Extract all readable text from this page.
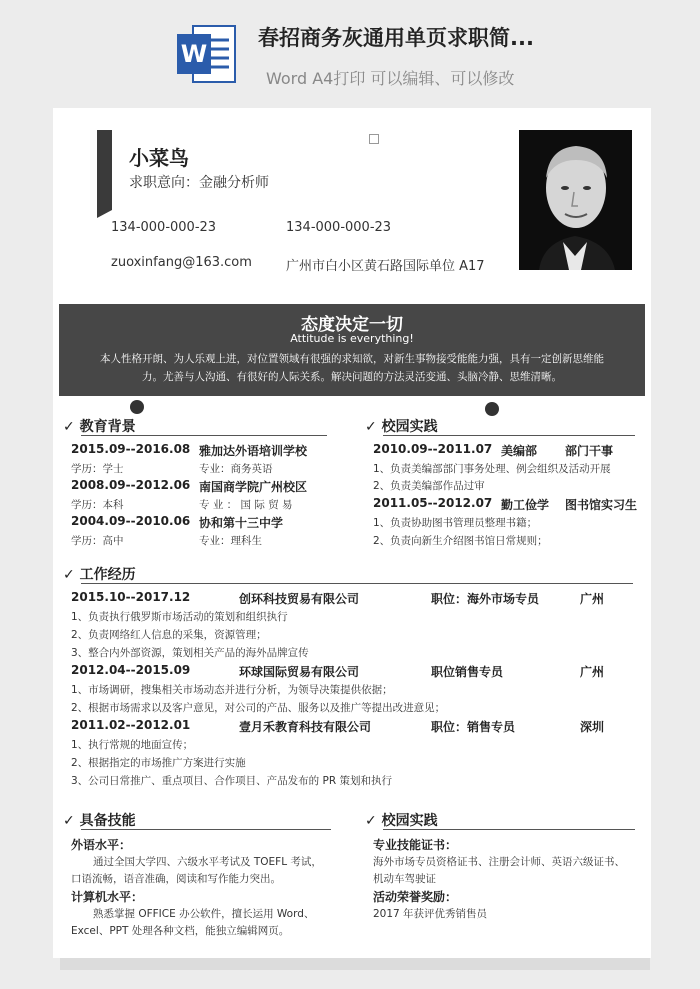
W
春招商务灰通用单页求职简...
Word A4打印 可以编辑、可以修改
小菜鸟
求职意向：金融分析师
134-000-000-23	134-000-000-23
zuoxinfang@163.com	广州市白小区黄石路国际单位 A17
态度决定一切
Attitude is everything!
本人性格开朗、为人乐观上进，对位置领域有很强的求知欲，对新生事物接受能能力强，具有一定创新思维能力。尤善与人沟通、有很好的人际关系。解决问题的方法灵活变通、头脑冷静、思维清晰。
✓ 教育背景
2015.09--2016.08 雅加达外语培训学校
学历：学士	专业：商务英语
2008.09--2012.06 南国商学院广州校区
学历：本科	专 业 ： 国 际 贸 易
2004.09--2010.06 协和第十三中学
学历：高中	专业：理科生
✓ 校园实践
2010.09--2011.07 美编部 部门干事
1、负责美编部部门事务处理、例会组织及活动开展
2、负责美编部作品过审
2011.05--2012.07 勤工俭学 图书馆实习生
1、负责协助图书管理员整理书籍；
2、负责向新生介绍图书馆日常规则；
✓ 工作经历
2015.10--2017.12	创环科技贸易有限公司	职位：海外市场专员	广州
1、负责执行俄罗斯市场活动的策划和组织执行
2、负责网络红人信息的采集，资源管理；
3、整合内外部资源，策划相关产品的海外品牌宣传
2012.04--2015.09	环球国际贸易有限公司	职位销售专员	广州
1、市场调研，搜集相关市场动态并进行分析，为领导决策提供依据；
2、根据市场需求以及客户意见，对公司的产品、服务以及推广等提出改进意见；
2011.02--2012.01	壹月禾教育科技有限公司	职位：销售专员	深圳
1、执行常规的地面宣传；
2、根据指定的市场推广方案进行实施
3、公司日常推广、重点项目、合作项目、产品发布的 PR 策划和执行
✓ 具备技能
外语水平：
通过全国大学四、六级水平考试及 TOEFL 考试，
口语流畅，语音准确，阅读和写作能力突出。
计算机水平：
熟悉掌握 OFFICE 办公软件，擅长运用 Word、
Excel、PPT 处理各种文档，能独立编辑网页。
✓ 校园实践
专业技能证书：
海外市场专员资格证书、注册会计师、英语六级证书、
机动车驾驶证
活动荣誉奖励：
2017 年获评优秀销售员
